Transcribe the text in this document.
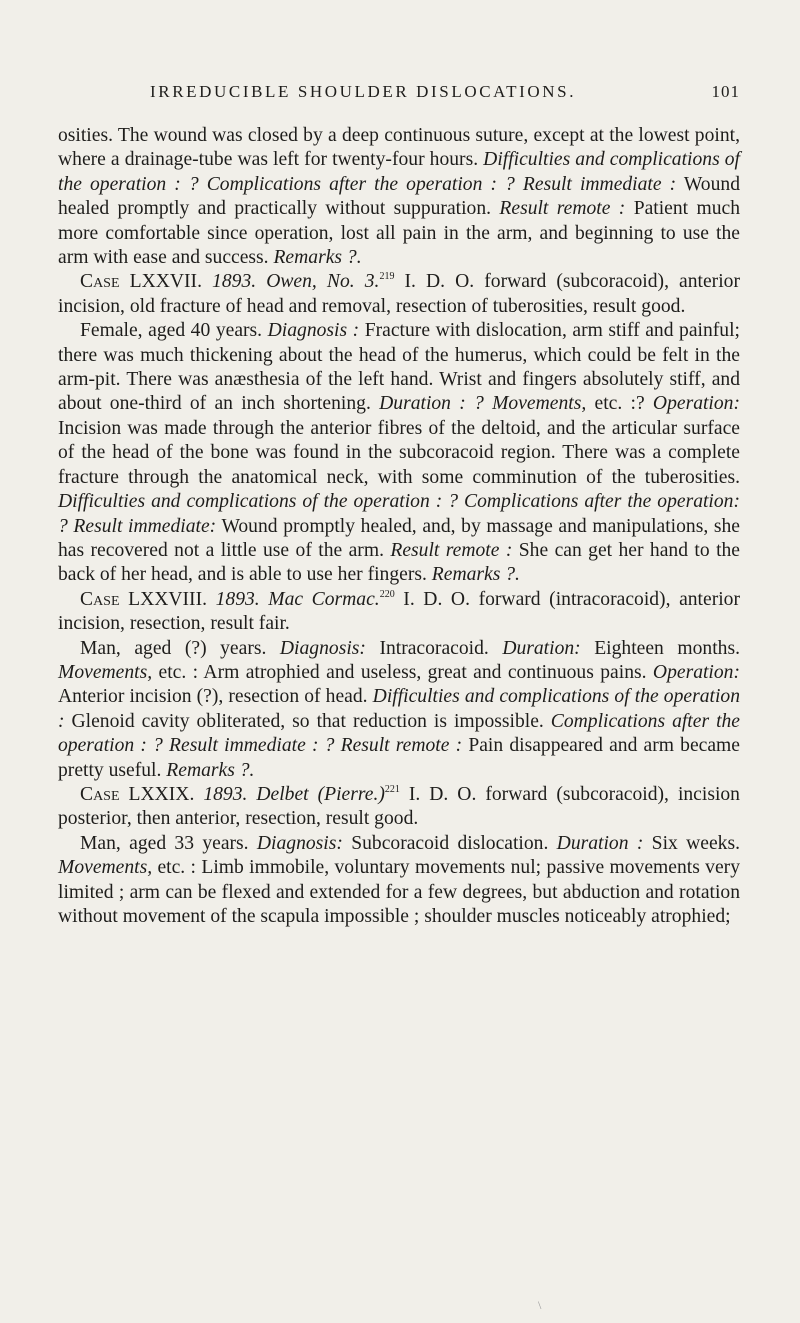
IRREDUCIBLE SHOULDER DISLOCATIONS.	101

osities. The wound was closed by a deep continuous suture, except at the lowest point, where a drainage-tube was left for twenty-four hours. Difficulties and complications of the operation : ? Complications after the operation : ? Result immediate : Wound healed promptly and practically without suppuration. Result remote : Patient much more comfortable since operation, lost all pain in the arm, and beginning to use the arm with ease and success. Remarks ?.

Case LXXVII. 1893. Owen, No. 3.$^{219}$ I. D. O. forward (subcoracoid), anterior incision, old fracture of head and removal, resection of tuberosities, result good.

Female, aged 40 years. Diagnosis : Fracture with dislocation, arm stiff and painful; there was much thickening about the head of the humerus, which could be felt in the arm-pit. There was anæsthesia of the left hand. Wrist and fingers absolutely stiff, and about one-third of an inch shortening. Duration : ? Movements, etc. :? Operation: Incision was made through the anterior fibres of the deltoid, and the articular surface of the head of the bone was found in the subcoracoid region. There was a complete fracture through the anatomical neck, with some comminution of the tuberosities. Difficulties and complications of the operation : ? Complications after the operation: ? Result immediate: Wound promptly healed, and, by massage and manipulations, she has recovered not a little use of the arm. Result remote : She can get her hand to the back of her head, and is able to use her fingers. Remarks ?.

Case LXXVIII. 1893. Mac Cormac.$^{220}$ I. D. O. forward (intracoracoid), anterior incision, resection, result fair.

Man, aged (?) years. Diagnosis: Intracoracoid. Duration: Eighteen months. Movements, etc. : Arm atrophied and useless, great and continuous pains. Operation: Anterior incision (?), resection of head. Difficulties and complications of the operation : Glenoid cavity obliterated, so that reduction is impossible. Complications after the operation : ? Result immediate : ? Result remote : Pain disappeared and arm became pretty useful. Remarks ?.

Case LXXIX. 1893. Delbet (Pierre.)$^{221}$ I. D. O. forward (subcoracoid), incision posterior, then anterior, resection, result good.

Man, aged 33 years. Diagnosis: Subcoracoid dislocation. Duration : Six weeks. Movements, etc. : Limb immobile, voluntary movements nul; passive movements very limited ; arm can be flexed and extended for a few degrees, but abduction and rotation without movement of the scapula impossible ; shoulder muscles noticeably atrophied;

\
